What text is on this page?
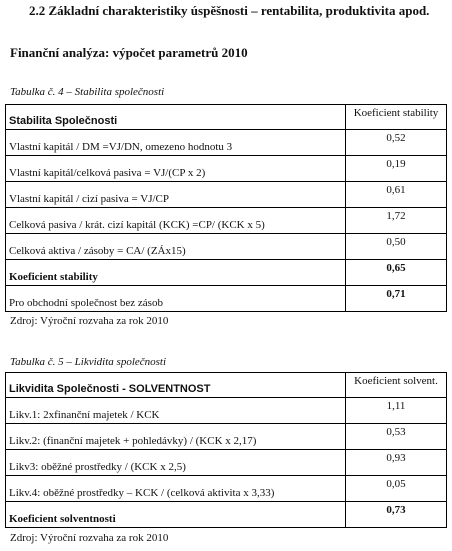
2.2 Základní charakteristiky úspěšnosti – rentabilita, produktivita apod.
Finanční analýza: výpočet parametrů 2010
Tabulka č. 4 – Stabilita společnosti
Stabilita Společnosti	Koeficient stability
Vlastní kapitál / DM =VJ/DN, omezeno hodnotu 3	0,52
Vlastní kapitál/celková pasiva = VJ/(CP x 2)	0,19
Vlastní kapitál / cizí pasiva = VJ/CP	0,61
Celková pasiva / krát. cizí kapitál (KCK) =CP/ (KCK x 5)	1,72
Celková aktiva / zásoby = CA/ (ZÁx15)	0,50
Koeficient stability	0,65
Pro obchodní společnost bez zásob	0,71
Zdroj: Výroční rozvaha za rok 2010
Tabulka č. 5 – Likvidita společnosti
Likvidita Společnosti - SOLVENTNOST	Koeficient solvent.
Likv.1: 2xfinanční majetek / KCK	1,11
Likv.2: (finanční majetek + pohledávky) / (KCK x 2,17)	0,53
Likv3: oběžné prostředky / (KCK x 2,5)	0,93
Likv.4: oběžné prostředky – KCK / (celková aktivita x 3,33)	0,05
Koeficient solventnosti	0,73
Zdroj: Výroční rozvaha za rok 2010
